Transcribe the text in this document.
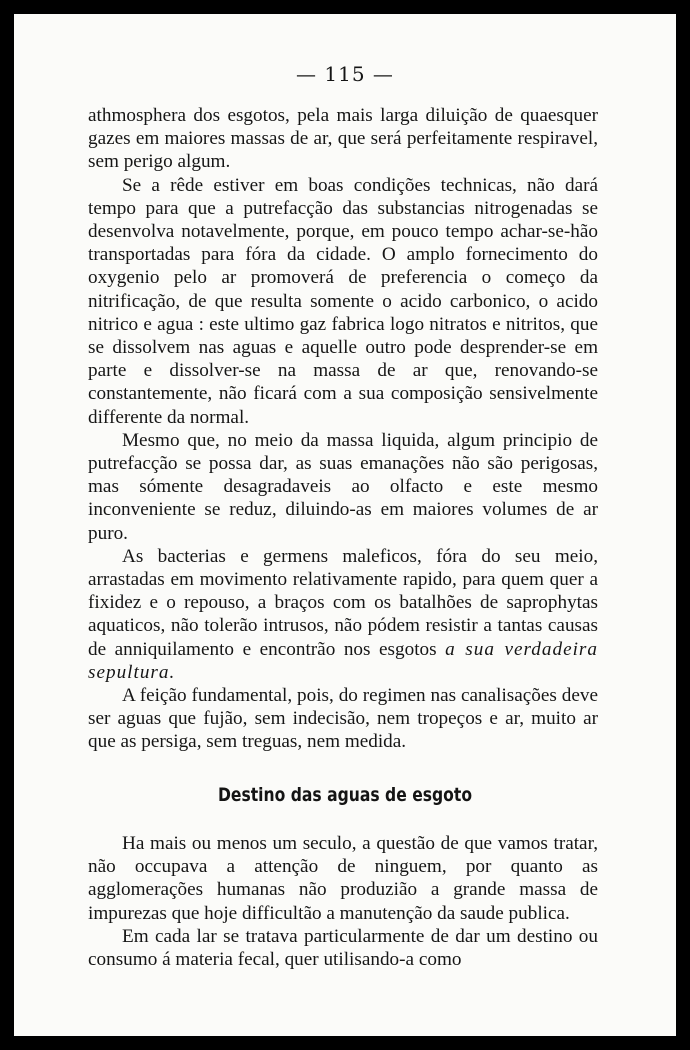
— 115 —

athmosphera dos esgotos, pela mais larga diluição de quaesquer gazes em maiores massas de ar, que será perfeitamente respiravel, sem perigo algum.

Se a rêde estiver em boas condições technicas, não dará tempo para que a putrefacção das substancias nitrogenadas se desenvolva notavelmente, porque, em pouco tempo achar-se-hão transportadas para fóra da cidade. O amplo fornecimento do oxygenio pelo ar promoverá de preferencia o começo da nitrificação, de que resulta somente o acido carbonico, o acido nitrico e agua : este ultimo gaz fabrica logo nitratos e nitritos, que se dissolvem nas aguas e aquelle outro pode desprender-se em parte e dissolver-se na massa de ar que, renovando-se constantemente, não ficará com a sua composição sensivelmente differente da normal.

Mesmo que, no meio da massa liquida, algum principio de putrefacção se possa dar, as suas emanações não são perigosas, mas sómente desagradaveis ao olfacto e este mesmo inconveniente se reduz, diluindo-as em maiores volumes de ar puro.

As bacterias e germens maleficos, fóra do seu meio, arrastadas em movimento relativamente rapido, para quem quer a fixidez e o repouso, a braços com os batalhões de saprophytas aquaticos, não tolerão intrusos, não pódem resistir a tantas causas de anniquilamento e encontrão nos esgotos a sua verdadeira sepultura.

A feição fundamental, pois, do regimen nas canalisações deve ser aguas que fujão, sem indecisão, nem tropeços e ar, muito ar que as persiga, sem treguas, nem medida.

Destino das aguas de esgoto

Ha mais ou menos um seculo, a questão de que vamos tratar, não occupava a attenção de ninguem, por quanto as agglomerações humanas não produzião a grande massa de impurezas que hoje difficultão a manutenção da saude publica.

Em cada lar se tratava particularmente de dar um destino ou consumo á materia fecal, quer utilisando-a como
